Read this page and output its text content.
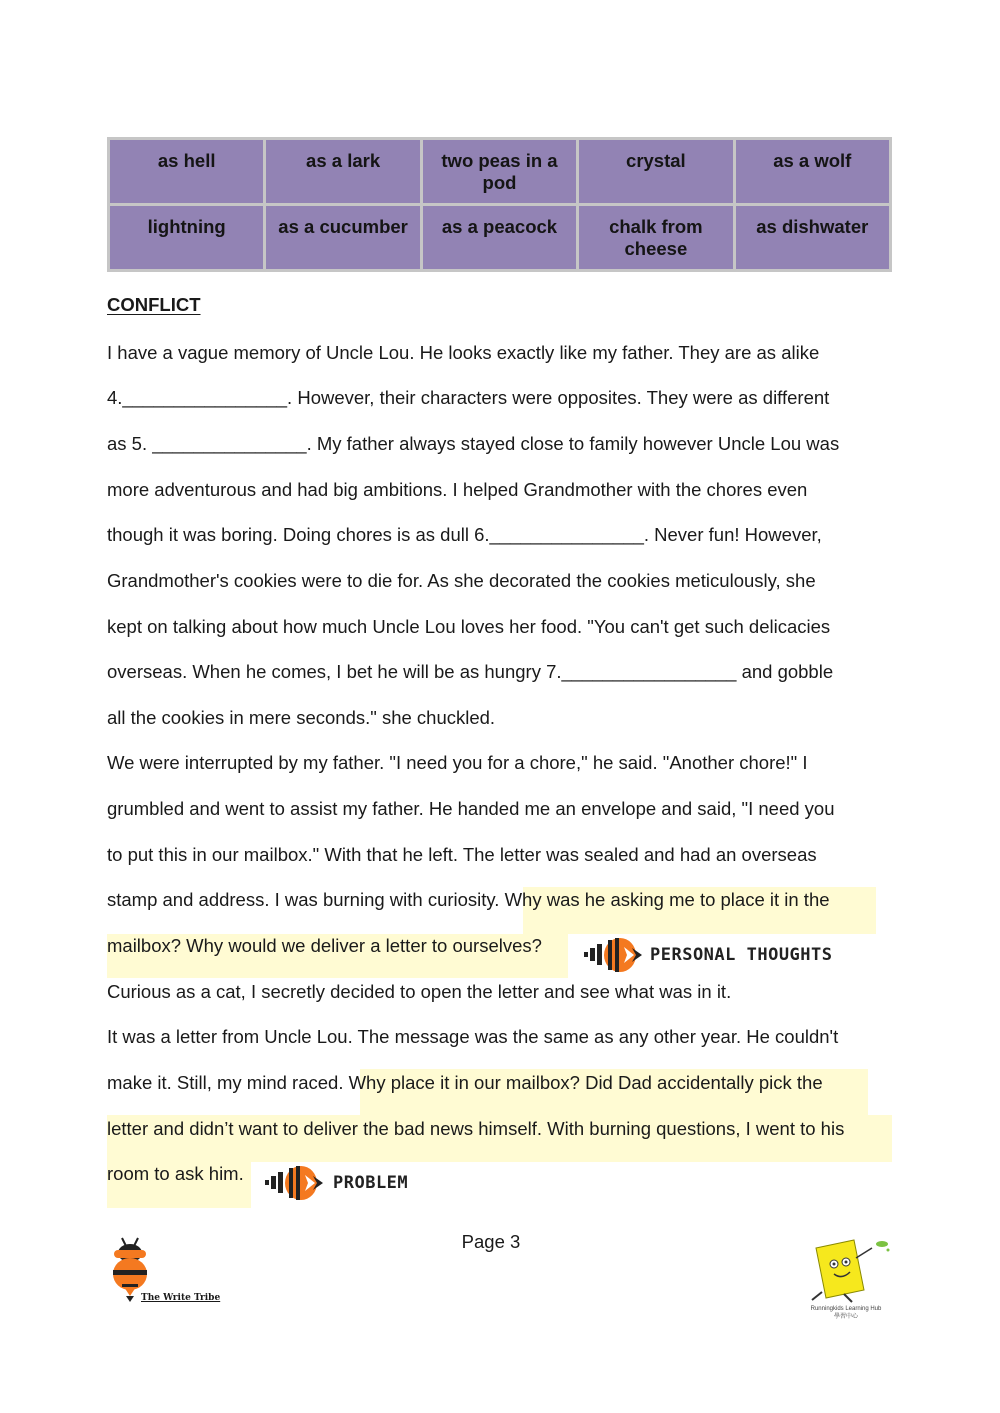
as hell	as a lark	two peas in a pod	crystal	as a wolf
lightning	as a cucumber	as a peacock	chalk from cheese	as dishwater
CONFLICT
I have a vague memory of Uncle Lou. He looks exactly like my father. They are as alike
4.________________. However, their characters were opposites. They were as different
as 5. _______________. My father always stayed close to family however Uncle Lou was
more adventurous and had big ambitions. I helped Grandmother with the chores even
though it was boring. Doing chores is as dull 6._______________. Never fun! However,
Grandmother's cookies were to die for. As she decorated the cookies meticulously, she
kept on talking about how much Uncle Lou loves her food. "You can't get such delicacies
overseas. When he comes, I bet he will be as hungry 7._________________ and gobble
all the cookies in mere seconds." she chuckled.
We were interrupted by my father. "I need you for a chore," he said. "Another chore!" I
grumbled and went to assist my father. He handed me an envelope and said, "I need you
to put this in our mailbox." With that he left. The letter was sealed and had an overseas
stamp and address. I was burning with curiosity. Why was he asking me to place it in the
mailbox? Why would we deliver a letter to ourselves?
Curious as a cat, I secretly decided to open the letter and see what was in it.
It was a letter from Uncle Lou. The message was the same as any other year. He couldn't
make it. Still, my mind raced. Why place it in our mailbox? Did Dad accidentally pick the
letter and didn’t want to deliver the bad news himself. With burning questions, I went to his
room to ask him.
PERSONAL THOUGHTS
PROBLEM
Page 3
The Write Tribe
Runningkids Learning Hub
學習中心
